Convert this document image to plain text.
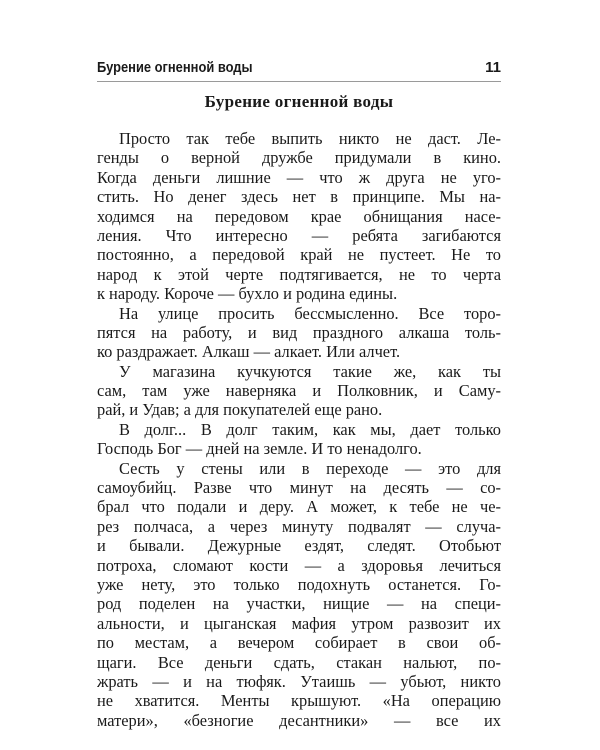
Бурение огненной воды	11
Бурение огненной воды
Просто так тебе выпить никто не даст. Ле-
генды о верной дружбе придумали в кино.
Когда деньги лишние — что ж друга не уго-
стить. Но денег здесь нет в принципе. Мы на-
ходимся на передовом крае обнищания насе-
ления. Что интересно — ребята загибаются
постоянно, а передовой край не пустеет. Не то
народ к этой черте подтягивается, не то черта
к народу. Короче — бухло и родина едины.
На улице просить бессмысленно. Все торо-
пятся на работу, и вид праздного алкаша толь-
ко раздражает. Алкаш — алкает. Или алчет.
У магазина кучкуются такие же, как ты
сам, там уже наверняка и Полковник, и Саму-
рай, и Удав; а для покупателей еще рано.
В долг... В долг таким, как мы, дает только
Господь Бог — дней на земле. И то ненадолго.
Сесть у стены или в переходе — это для
самоубийц. Разве что минут на десять — со-
брал что подали и деру. А может, к тебе не че-
рез полчаса, а через минуту подвалят — случа-
и бывали. Дежурные ездят, следят. Отобьют
потроха, сломают кости — а здоровья лечиться
уже нету, это только подохнуть останется. Го-
род поделен на участки, нищие — на специ-
альности, и цыганская мафия утром развозит их
по местам, а вечером собирает в свои об-
щаги. Все деньги сдать, стакан нальют, по-
жрать — и на тюфяк. Утаишь — убьют, никто
не хватится. Менты крышуют. «На операцию
матери», «безногие десантники» — все их
